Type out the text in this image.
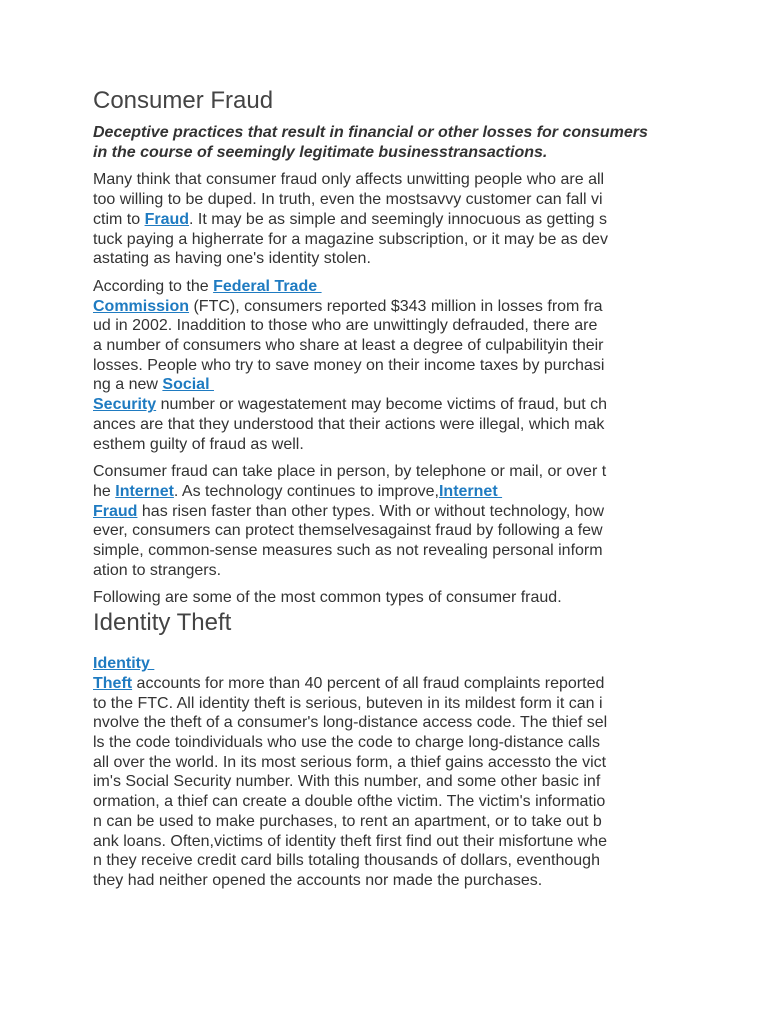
Consumer Fraud
Deceptive practices that result in financial or other losses for consumers
in the course of seemingly legitimate businesstransactions.
Many think that consumer fraud only affects unwitting people who are all
too willing to be duped. In truth, even the mostsavvy customer can fall vi
ctim to Fraud. It may be as simple and seemingly innocuous as getting s
tuck paying a higherrate for a magazine subscription, or it may be as dev
astating as having one's identity stolen.
According to the Federal Trade
Commission (FTC), consumers reported $343 million in losses from fra
ud in 2002. Inaddition to those who are unwittingly defrauded, there are
a number of consumers who share at least a degree of culpabilityin their
losses. People who try to save money on their income taxes by purchasi
ng a new Social
Security number or wagestatement may become victims of fraud, but ch
ances are that they understood that their actions were illegal, which mak
esthem guilty of fraud as well.
Consumer fraud can take place in person, by telephone or mail, or over t
he Internet. As technology continues to improve,Internet
Fraud has risen faster than other types. With or without technology, how
ever, consumers can protect themselvesagainst fraud by following a few
simple, common-sense measures such as not revealing personal inform
ation to strangers.
Following are some of the most common types of consumer fraud.
Identity Theft
Identity
Theft accounts for more than 40 percent of all fraud complaints reported
to the FTC. All identity theft is serious, buteven in its mildest form it can i
nvolve the theft of a consumer's long-distance access code. The thief sel
ls the code toindividuals who use the code to charge long-distance calls
all over the world. In its most serious form, a thief gains accessto the vict
im's Social Security number. With this number, and some other basic inf
ormation, a thief can create a double ofthe victim. The victim's informatio
n can be used to make purchases, to rent an apartment, or to take out b
ank loans. Often,victims of identity theft first find out their misfortune whe
n they receive credit card bills totaling thousands of dollars, eventhough
they had neither opened the accounts nor made the purchases.
